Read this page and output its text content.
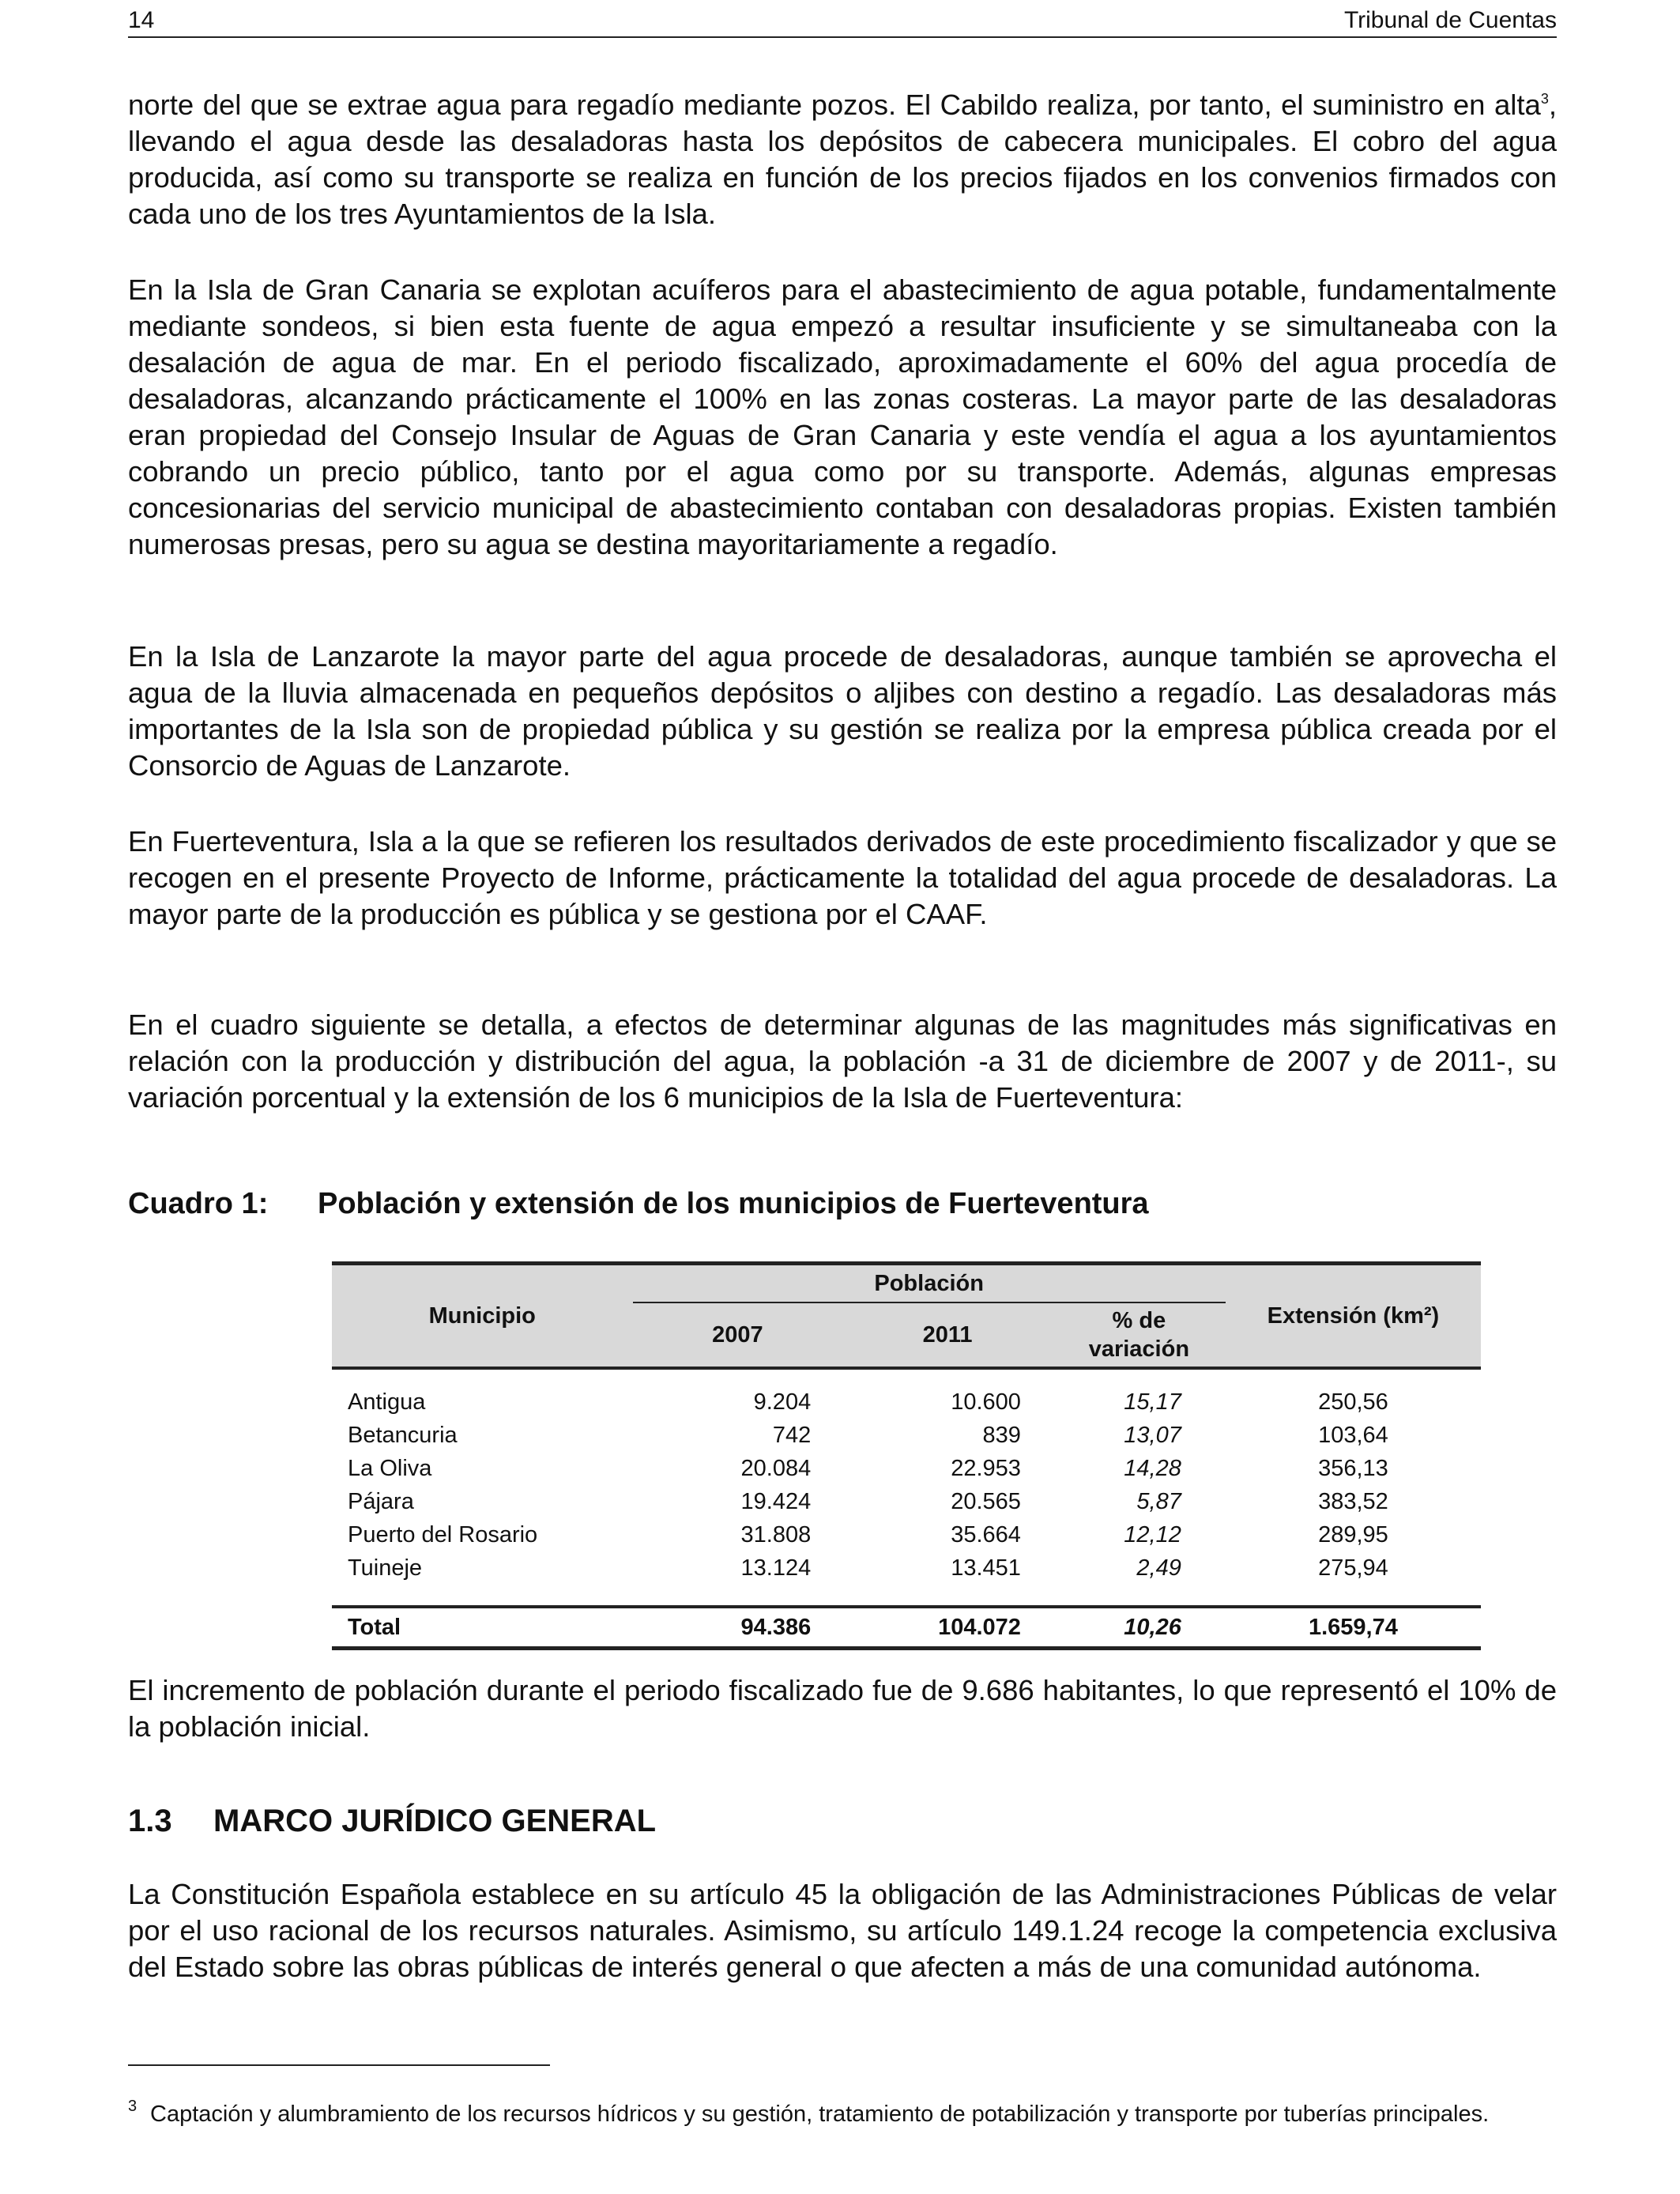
14	Tribunal de Cuentas

norte del que se extrae agua para regadío mediante pozos. El Cabildo realiza, por tanto, el suministro en alta$^3$, llevando el agua desde las desaladoras hasta los depósitos de cabecera municipales. El cobro del agua producida, así como su transporte se realiza en función de los precios fijados en los convenios firmados con cada uno de los tres Ayuntamientos de la Isla.

En la Isla de Gran Canaria se explotan acuíferos para el abastecimiento de agua potable, fundamentalmente mediante sondeos, si bien esta fuente de agua empezó a resultar insuficiente y se simultaneaba con la desalación de agua de mar. En el periodo fiscalizado, aproximadamente el 60% del agua procedía de desaladoras, alcanzando prácticamente el 100% en las zonas costeras. La mayor parte de las desaladoras eran propiedad del Consejo Insular de Aguas de Gran Canaria y este vendía el agua a los ayuntamientos cobrando un precio público, tanto por el agua como por su transporte. Además, algunas empresas concesionarias del servicio municipal de abastecimiento contaban con desaladoras propias. Existen también numerosas presas, pero su agua se destina mayoritariamente a regadío.

En la Isla de Lanzarote la mayor parte del agua procede de desaladoras, aunque también se aprovecha el agua de la lluvia almacenada en pequeños depósitos o aljibes con destino a regadío. Las desaladoras más importantes de la Isla son de propiedad pública y su gestión se realiza por la empresa pública creada por el Consorcio de Aguas de Lanzarote.

En Fuerteventura, Isla a la que se refieren los resultados derivados de este procedimiento fiscalizador y que se recogen en el presente Proyecto de Informe, prácticamente la totalidad del agua procede de desaladoras. La mayor parte de la producción es pública y se gestiona por el CAAF.

En el cuadro siguiente se detalla, a efectos de determinar algunas de las magnitudes más significativas en relación con la producción y distribución del agua, la población -a 31 de diciembre de 2007 y de 2011-, su variación porcentual y la extensión de los 6 municipios de la Isla de Fuerteventura:

Cuadro 1: Población y extensión de los municipios de Fuerteventura
Municipio	Población			Extensión (km²)
	2007	2011	% de variación	

Antigua	9.204	10.600	15,17	250,56
Betancuria	742	839	13,07	103,64
La Oliva	20.084	22.953	14,28	356,13
Pájara	19.424	20.565	5,87	383,52
Puerto del Rosario	31.808	35.664	12,12	289,95
Tuineje	13.124	13.451	2,49	275,94
Total	94.386	104.072	10,26	1.659,74

El incremento de población durante el periodo fiscalizado fue de 9.686 habitantes, lo que representó el 10% de la población inicial.

1.3 MARCO JURÍDICO GENERAL

La Constitución Española establece en su artículo 45 la obligación de las Administraciones Públicas de velar por el uso racional de los recursos naturales. Asimismo, su artículo 149.1.24 recoge la competencia exclusiva del Estado sobre las obras públicas de interés general o que afecten a más de una comunidad autónoma.

3 Captación y alumbramiento de los recursos hídricos y su gestión, tratamiento de potabilización y transporte por tuberías principales.
